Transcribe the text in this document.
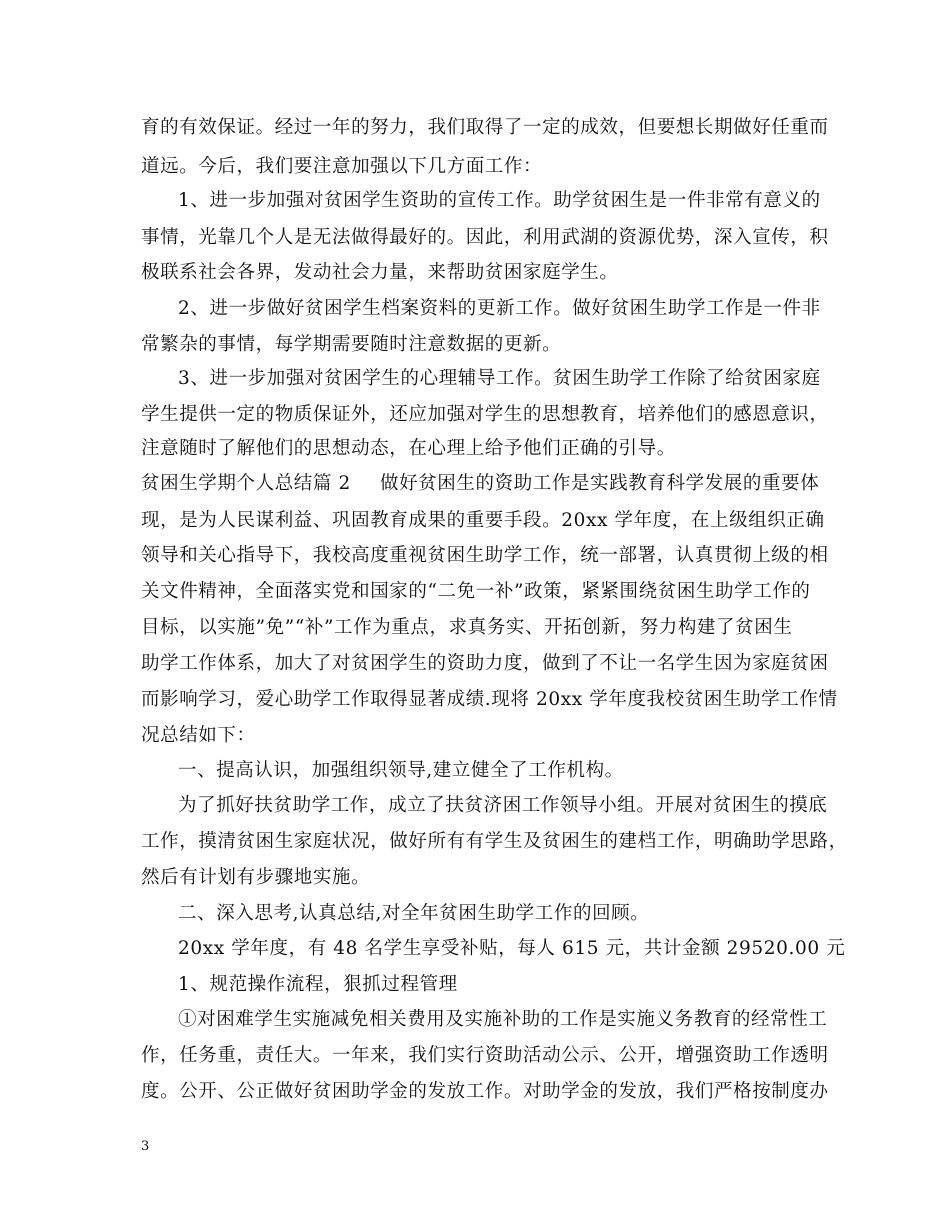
育的有效保证。经过一年的努力，我们取得了一定的成效，但要想长期做好任重而
道远。今后，我们要注意加强以下几方面工作：
1、进一步加强对贫困学生资助的宣传工作。助学贫困生是一件非常有意义的
事情，光靠几个人是无法做得最好的。因此，利用武湖的资源优势，深入宣传，积
极联系社会各界，发动社会力量，来帮助贫困家庭学生。
2、进一步做好贫困学生档案资料的更新工作。做好贫困生助学工作是一件非
常繁杂的事情，每学期需要随时注意数据的更新。
3、进一步加强对贫困学生的心理辅导工作。贫困生助学工作除了给贫困家庭
学生提供一定的物质保证外，还应加强对学生的思想教育，培养他们的感恩意识，
注意随时了解他们的思想动态，在心理上给予他们正确的引导。
贫困生学期个人总结篇 2 做好贫困生的资助工作是实践教育科学发展的重要体
现，是为人民谋利益、巩固教育成果的重要手段。20xx 学年度，在上级组织正确
领导和关心指导下，我校高度重视贫困生助学工作，统一部署，认真贯彻上级的相
关文件精神，全面落实党和国家的“二免一补”政策，紧紧围绕贫困生助学工作的
目标，以实施”免”“补”工作为重点，求真务实、开拓创新，努力构建了贫困生
助学工作体系，加大了对贫困学生的资助力度，做到了不让一名学生因为家庭贫困
而影响学习，爱心助学工作取得显著成绩.现将 20xx 学年度我校贫困生助学工作情
况总结如下：
一、提高认识，加强组织领导,建立健全了工作机构。
为了抓好扶贫助学工作，成立了扶贫济困工作领导小组。开展对贫困生的摸底
工作，摸清贫困生家庭状况，做好所有有学生及贫困生的建档工作，明确助学思路，
然后有计划有步骤地实施。
二、深入思考,认真总结,对全年贫困生助学工作的回顾。
20xx 学年度，有 48 名学生享受补贴，每人 615 元，共计金额 29520.00 元
1、规范操作流程，狠抓过程管理
①对困难学生实施减免相关费用及实施补助的工作是实施义务教育的经常性工
作，任务重，责任大。一年来，我们实行资助活动公示、公开，增强资助工作透明
度。公开、公正做好贫困助学金的发放工作。对助学金的发放，我们严格按制度办
3
